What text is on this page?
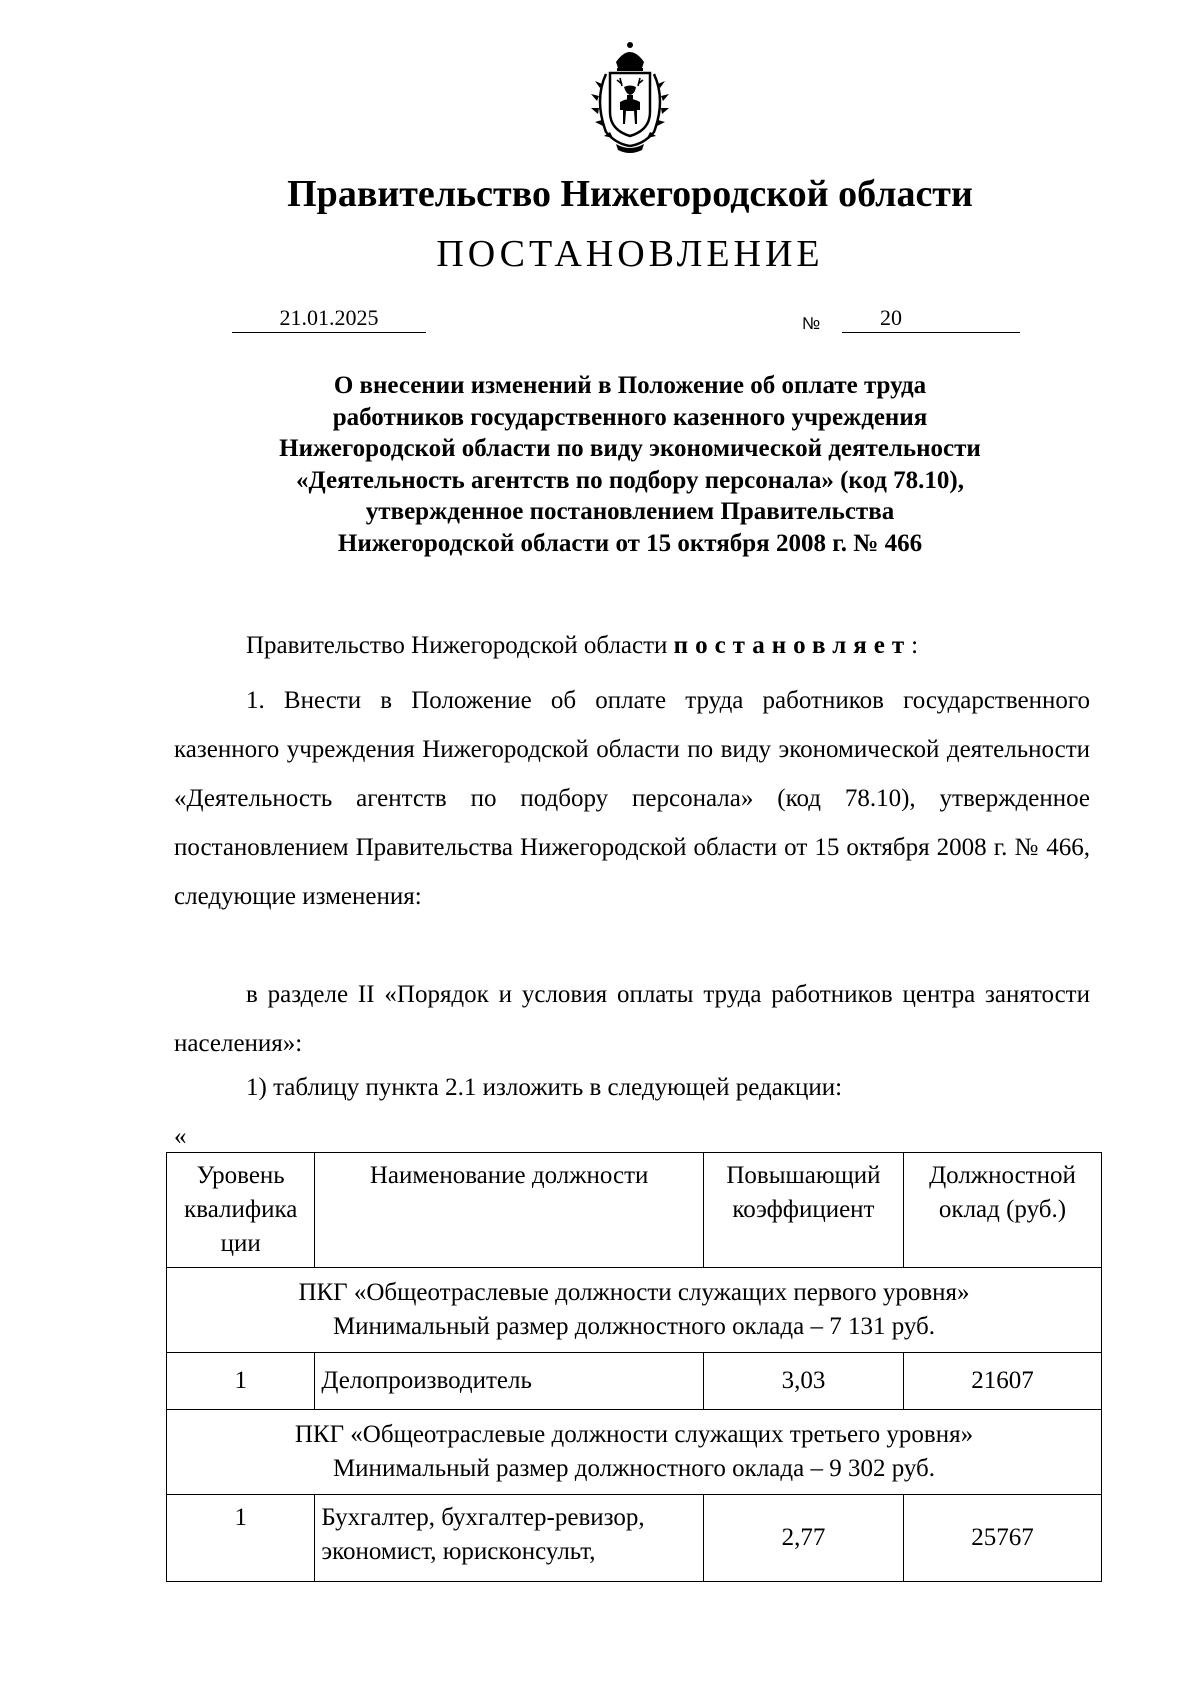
Правительство Нижегородской области
ПОСТАНОВЛЕНИЕ
21.01.2025	№	20
О внесении изменений в Положение об оплате труда
работников государственного казенного учреждения
Нижегородской области по виду экономической деятельности
«Деятельность агентств по подбору персонала» (код 78.10),
утвержденное постановлением Правительства
Нижегородской области от 15 октября 2008 г. № 466
Правительство Нижегородской области постановляет:
1. Внести в Положение об оплате труда работников государственного казенного учреждения Нижегородской области по виду экономической деятельности «Деятельность агентств по подбору персонала» (код 78.10), утвержденное постановлением Правительства Нижегородской области от 15 октября 2008 г. № 466, следующие изменения:
в разделе II «Порядок и условия оплаты труда работников центра занятости населения»:
1) таблицу пункта 2.1 изложить в следующей редакции:
«
Уровень квалифика ции	Наименование должности	Повышающий коэффициент	Должностной оклад (руб.)

ПКГ «Общеотраслевые должности служащих первого уровня»
Минимальный размер должностного оклада – 7 131 руб.			

1	Делопроизводитель	3,03	21607

ПКГ «Общеотраслевые должности служащих третьего уровня»
Минимальный размер должностного оклада – 9 302 руб.			

1	Бухгалтер, бухгалтер-ревизор, экономист, юрисконсульт,	2,77	25767
